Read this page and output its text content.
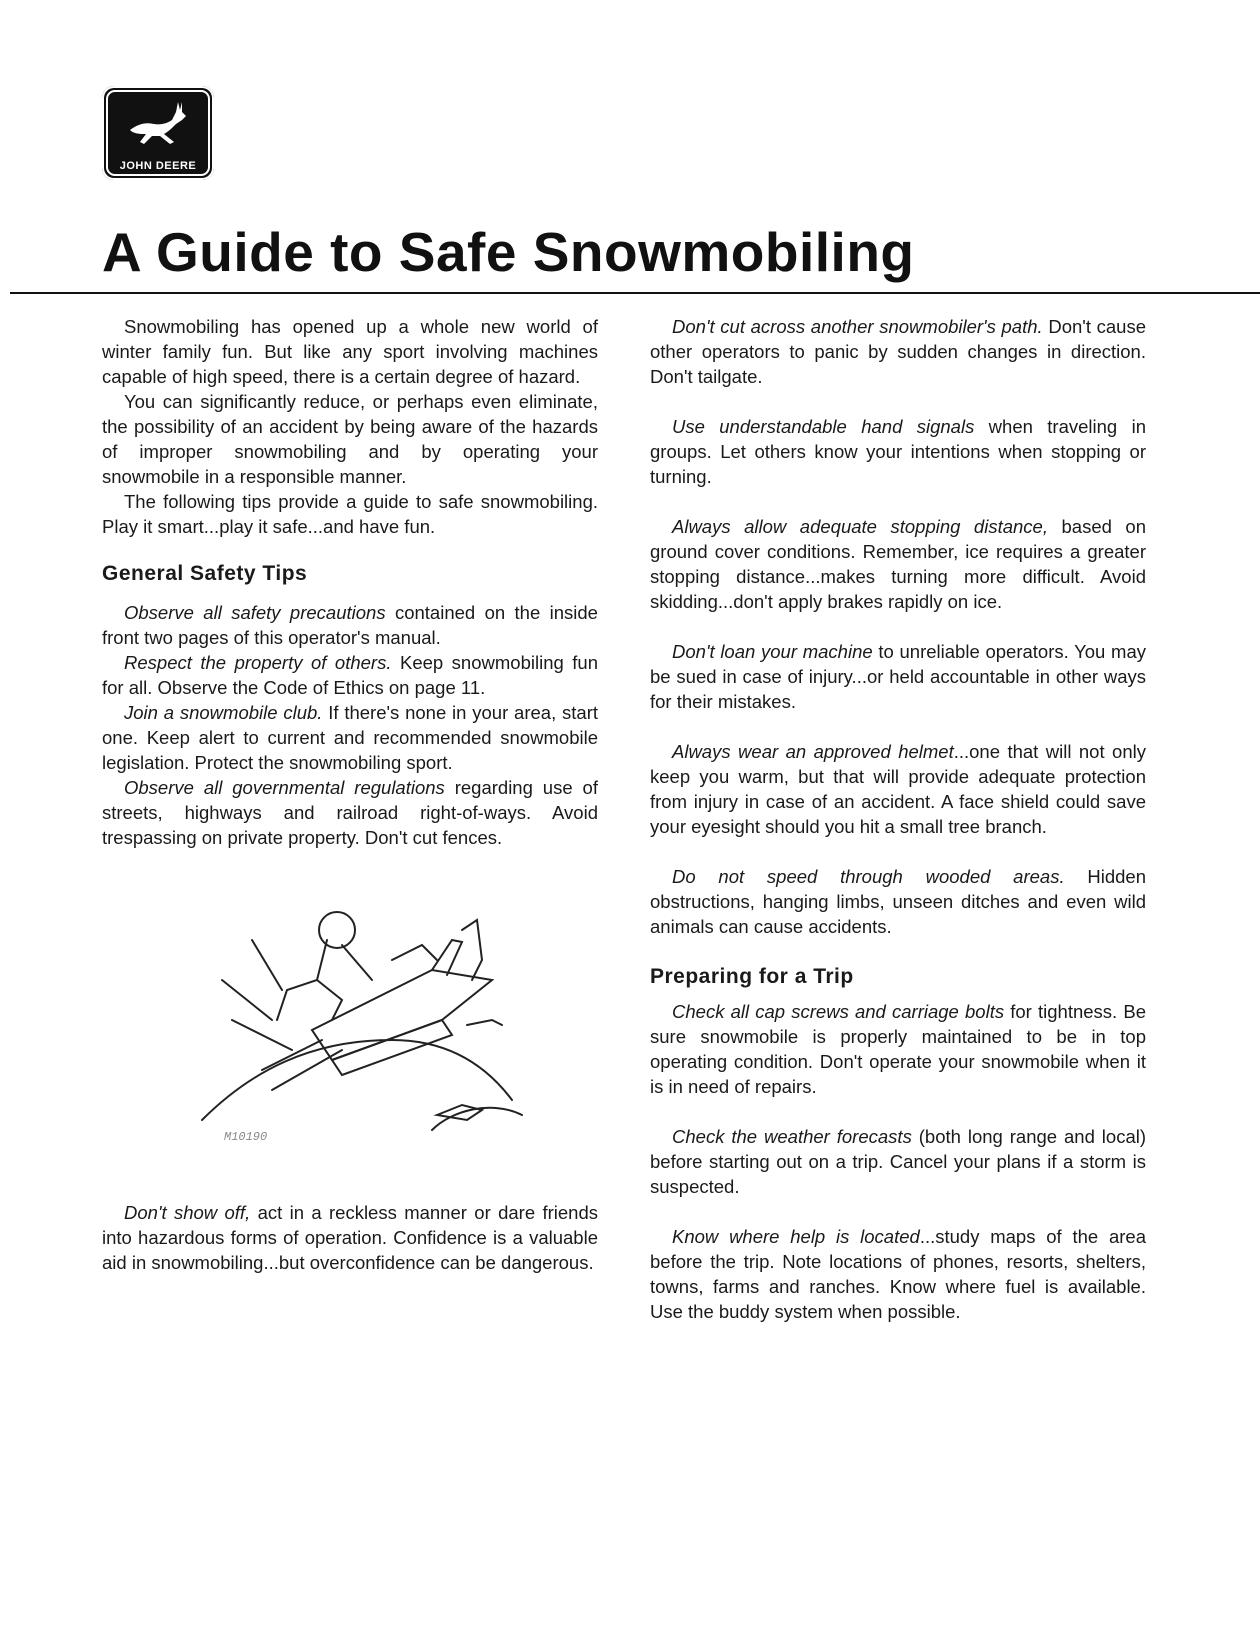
JOHN DEERE
A Guide to Safe Snowmobiling

Snowmobiling has opened up a whole new world of winter family fun. But like any sport involving machines capable of high speed, there is a certain degree of hazard.

You can significantly reduce, or perhaps even eliminate, the possibility of an accident by being aware of the hazards of improper snowmobiling and by operating your snowmobile in a responsible manner.

The following tips provide a guide to safe snowmobiling. Play it smart...play it safe...and have fun.

General Safety Tips

Observe all safety precautions contained on the inside front two pages of this operator's manual.

Respect the property of others. Keep snowmobiling fun for all. Observe the Code of Ethics on page 11.

Join a snowmobile club. If there's none in your area, start one. Keep alert to current and recommended snowmobile legislation. Protect the snowmobiling sport.

Observe all governmental regulations regarding use of streets, highways and railroad right-of-ways. Avoid trespassing on private property. Don't cut fences.

M10190

Don't show off, act in a reckless manner or dare friends into hazardous forms of operation. Confidence is a valuable aid in snowmobiling...but overconfidence can be dangerous.

Don't cut across another snowmobiler's path. Don't cause other operators to panic by sudden changes in direction. Don't tailgate.

Use understandable hand signals when traveling in groups. Let others know your intentions when stopping or turning.

Always allow adequate stopping distance, based on ground cover conditions. Remember, ice requires a greater stopping distance...makes turning more difficult. Avoid skidding...don't apply brakes rapidly on ice.

Don't loan your machine to unreliable operators. You may be sued in case of injury...or held accountable in other ways for their mistakes.

Always wear an approved helmet...one that will not only keep you warm, but that will provide adequate protection from injury in case of an accident. A face shield could save your eyesight should you hit a small tree branch.

Do not speed through wooded areas. Hidden obstructions, hanging limbs, unseen ditches and even wild animals can cause accidents.

Preparing for a Trip

Check all cap screws and carriage bolts for tightness. Be sure snowmobile is properly maintained to be in top operating condition. Don't operate your snowmobile when it is in need of repairs.

Check the weather forecasts (both long range and local) before starting out on a trip. Cancel your plans if a storm is suspected.

Know where help is located...study maps of the area before the trip. Note locations of phones, resorts, shelters, towns, farms and ranches. Know where fuel is available. Use the buddy system when possible.
